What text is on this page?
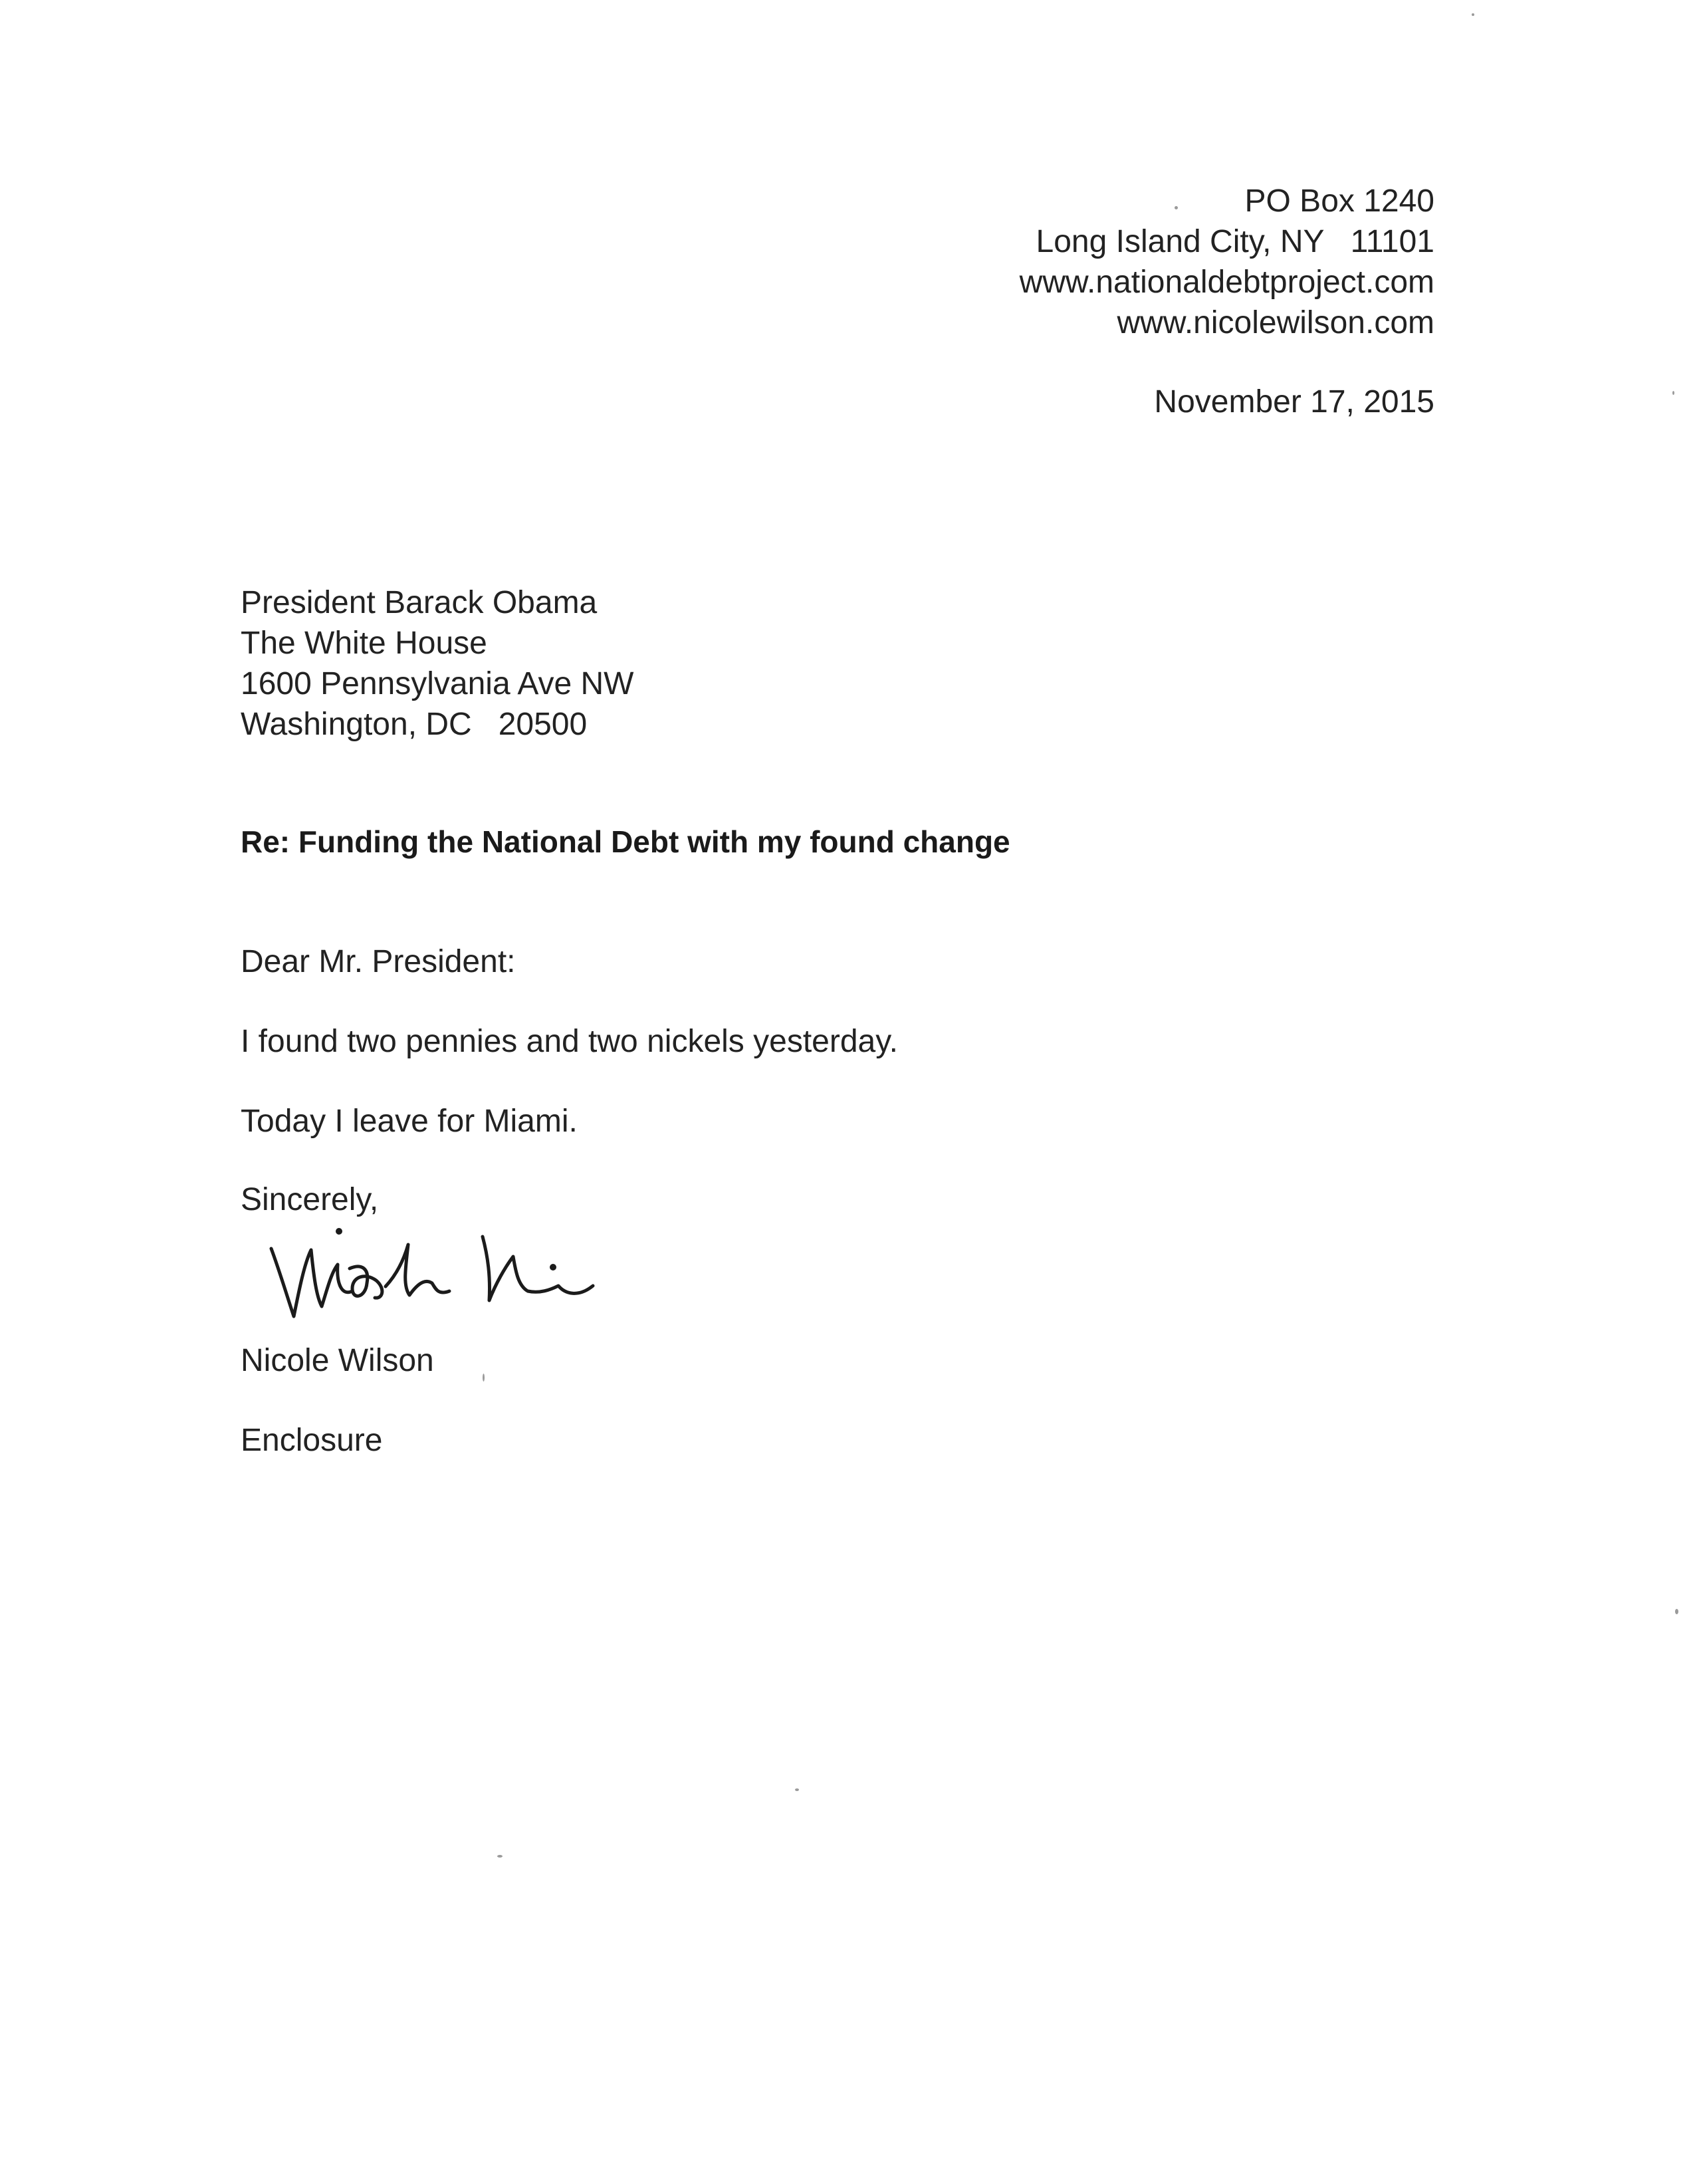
PO Box 1240
Long Island City, NY   11101
www.nationaldebtproject.com
www.nicolewilson.com
November 17, 2015
President Barack Obama
The White House
1600 Pennsylvania Ave NW
Washington, DC   20500
Re: Funding the National Debt with my found change
Dear Mr. President:
I found two pennies and two nickels yesterday.
Today I leave for Miami.
Sincerely,
Nicole Wilson
Enclosure
